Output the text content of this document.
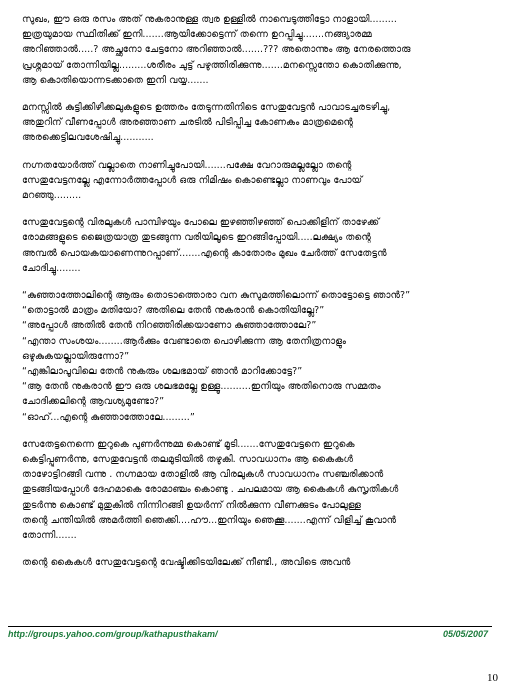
സുഖം, ഈ ഒരു രസം അത് നുകരാനുള്ള ത്വര ഉള്ളിൽ നാമ്പെടുത്തിട്ടോ നാളായി.........
ഇത്രയുമായ സ്ഥിതിക്ക് ഇനി.......ആയിക്കോട്ടെന്ന് തന്നെ ഉറപ്പിച്ചു.......നങ്ങ്യാരമ്മ
അറിഞ്ഞാൽ.....? അച്ഛനോ ചേട്ടനോ അറിഞ്ഞാൽ.......??? അതൊന്നും ആ നേരത്തൊരു
പ്രശ്നമായ് തോന്നിയില്ല.........ശരീരം ചുട്ട് പഴുത്തിരിക്കുന്നു.......മനസ്സെന്തോ കൊതിക്കുന്നു,
ആ കൊതിയൊന്നടക്കാതെ ഇനി വയ്യ.......

മനസ്സിൽ കുട്ടിക്കിഴിക്കലുകളുടെ ഉത്തരം തേടുന്നതിനിടെ സേതുവേട്ടൻ പാവാടച്ചരടഴിച്ചു,
അതുറിന് വീണപ്പോൾ അരഞ്ഞാണ ചരടിൽ പിടിപ്പിച്ച കോണകം മാത്രമെന്റെ
അരക്കെട്ടിലവശേഷിച്ചു...........

നഗ്നതയോർത്ത് വല്ലാതെ നാണിച്ചുപോയി.......പക്ഷേ വേറാരുമല്ലല്ലോ തന്റെ
സേതുവേട്ടനല്ലേ എന്നോർത്തപ്പോൾ ഒരു നിമിഷം കൊണ്ടെല്ലാ നാണവും പോയ്
മറഞ്ഞു.........

സേതുവേട്ടന്റെ വിരലുകൾ പാമ്പിഴയും പോലെ ഇഴഞ്ഞിഴഞ്ഞ് പൊക്കിളിന് താഴേക്ക്
രോമങ്ങളുടെ ജൈത്രയാത്ര തുടങ്ങുന്ന വരിയിലൂടെ ഇറങ്ങിപ്പോയി.....ലക്ഷ്യം തന്റെ
അമ്പൽ പൊയകയാണെന്നുറപ്പാണ്.......എന്റെ കാതോരം മുഖം ചേർത്ത് സേതേട്ടൻ
ചോദിച്ചു........

“കുഞ്ഞാത്തോലിന്റെ ആരും തൊടാത്തൊരാ വന കുസുമത്തിലൊന്ന് തൊട്ടോട്ടെ ഞാൻ?”
“തൊട്ടാൽ മാത്രം മതിയോ? അതിലെ തേൻ നുകരാൻ കൊതിയില്ലേ?”
“അപ്പോൾ അതിൽ തേൻ നിറഞ്ഞിരിക്കയാണോ കുഞ്ഞാത്തോലേ?”
“എന്താ സംശയം........ആർക്കും വേണ്ടാതെ പൊഴിക്കുന്ന ആ തേനിത്രനാളും
ഒഴുകുകയല്ലായിരുന്നോ?”
“എങ്കിലാപൂവിലെ തേൻ നുകരും ശലഭമായ് ഞാൻ മാറിക്കോട്ടേ?”
“ആ തേൻ നുകരാൻ ഈ ഒരു ശലഭമല്ലേ ഉള്ളൂ..........ഇനിയും അതിനൊരു സമ്മതം
ചോദിക്കലിന്റെ ആവശ്യമുണ്ടോ?”
“ഓഹ്...എന്റെ കുഞ്ഞാത്തോലേ.........”

സേതേട്ടനെന്നെ ഇറുകെ പുണർന്നുമ്മ കൊണ്ട് മൂടി.......സേതുവേട്ടനെ ഇറുകെ
കെട്ടിപ്പുണർന്നു, സേതുവേട്ടൻ തലമുടിയിൽ തഴുകി. സാവധാനം ആ കൈകൾ
താഴോട്ടിറങ്ങി വന്നു . നഗ്നമായ തോളിൽ ആ വിരലുകൾ സാവധാനം സഞ്ചരിക്കാൻ
തുടങ്ങിയപ്പോൾ ദേഹമാകെ രോമാഞ്ചം കൊണ്ടു . ചപലമായ ആ കൈകൾ കുസൃതികൾ
തുടർന്നു കൊണ്ട് മുതുകിൽ നിന്നിറങ്ങി ഉയർന്ന് നിൽക്കുന്ന വീണക്കുടം പോലുള്ള
തന്റെ ചന്തിയിൽ അമർത്തി ഞെക്കി....ഹൗ...ഇനിയും ഞെക്കൂ.......എന്ന് വിളിച്ച് കൂവാൻ
തോന്നി.......

തന്റെ കൈകൾ സേതുവേട്ടന്റെ വേഷ്ടിക്കിടയിലേക്ക് നീണ്ടി., അവിടെ അവൻ

http://groups.yahoo.com/group/kathapusthakam/	05/05/2007
10
